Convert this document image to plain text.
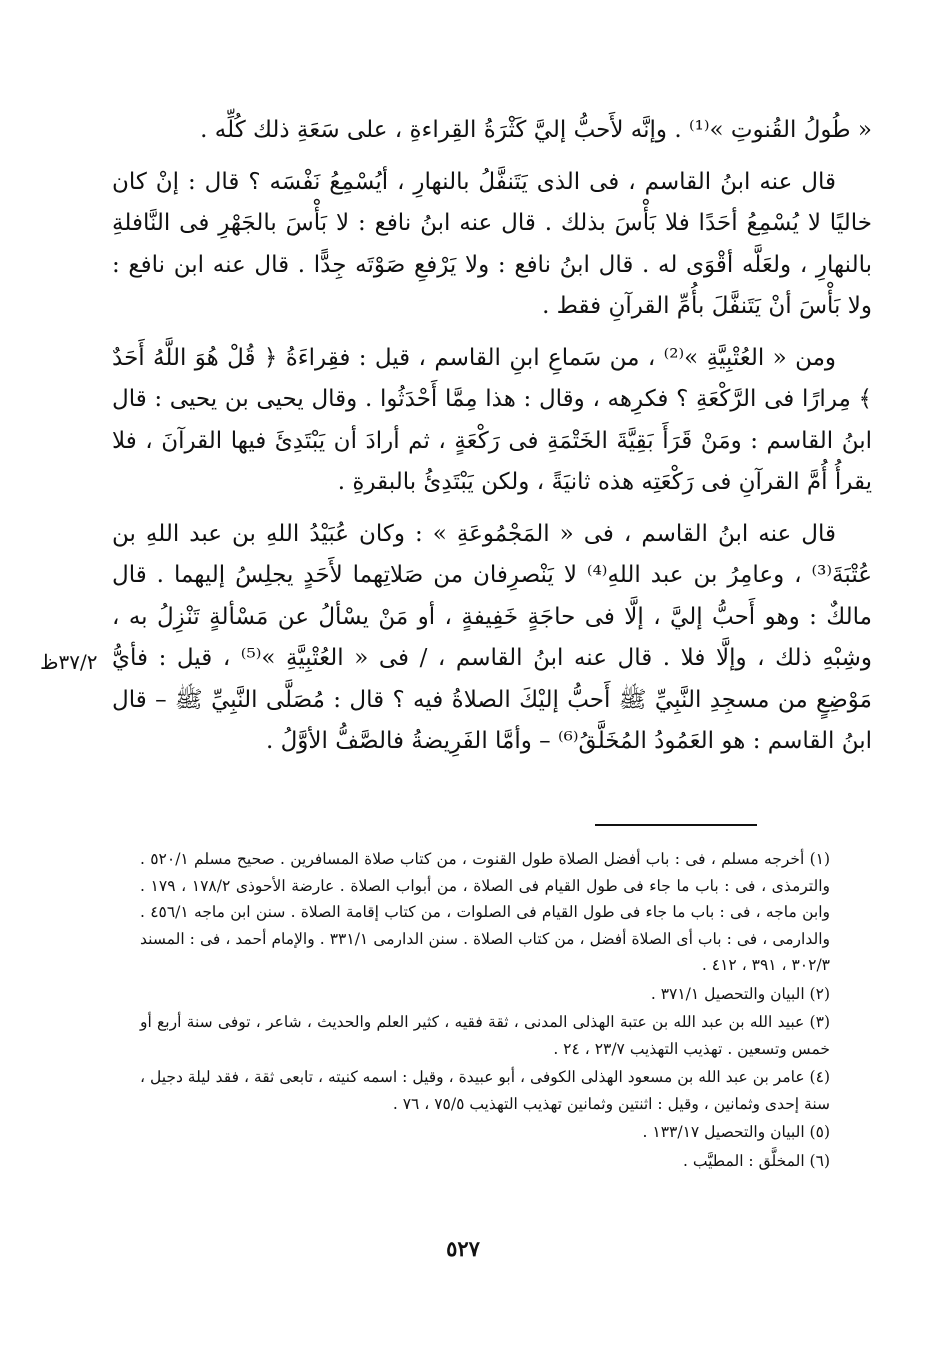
« طُولُ القُنوتِ »⁽¹⁾ . وإنَّه لأَحبُّ إليَّ كَثْرَةُ القِراءةِ ، على سَعَةِ ذلك كُلِّه .

قال عنه ابنُ القاسم ، فى الذى يَتَنفَّلُ بالنهارِ ، أيُسْمِعُ نَفْسَه ؟ قال : إنْ كان خاليًا لا يُسْمِعُ أحَدًا فلا بَأْسَ بذلك . قال عنه ابنُ نافع : لا بَأْسَ بالجَهْرِ فى النَّافلةِ بالنهارِ ، ولعَلَّه أقْوَى له . قال ابنُ نافع : ولا يَرْفعِ صَوْتَه جِدًّا . قال عنه ابن نافع : ولا بَأْسَ أنْ يَتَنفَّلَ بأُمِّ القرآنِ فقط .

ومن « العُتْبِيَّةِ »⁽²⁾ ، من سَماعِ ابنِ القاسم ، قيل : فقِراءَةُ ﴿ قُلْ هُوَ اللَّهُ أَحَدٌ ﴾ مِرارًا فى الرَّكْعَةِ ؟ فكرِهه ، وقال : هذا مِمَّا أَحْدَثُوا . وقال يحيى بن يحيى : قال ابنُ القاسم : ومَنْ قَرَأَ بَقِيَّةَ الخَتْمَةِ فى رَكْعَةٍ ، ثم أرادَ أن يَبْتَدِئَ فيها القرآنَ ، فلا يقرأُ أُمَّ القرآنِ فى رَكْعَتِه هذه ثانيَةً ، ولكن يَبْتَدِئُ بالبقرةِ .

قال عنه ابنُ القاسم ، فى « المَجْمُوعَةِ » : وكان عُبَيْدُ اللهِ بن عبد اللهِ بن عُتْبَةَ⁽³⁾ ، وعامِرُ بن عبد اللهِ⁽⁴⁾ لا يَنْصرِفان من صَلاتِهما لأَحَدٍ يجلِسُ إليهما . قال مالكٌ : وهو أَحبُّ إليَّ ، إلَّا فى حاجَةٍ خَفِيفةٍ ، أو مَنْ يسْألُ عن مَسْألةٍ تَنْزِلُ به ، وشِبْهِ ذلك ، وإلَّا فلا . قال عنه ابنُ القاسم ، / فى « العُتْبِيَّةِ »⁽⁵⁾ ، قيل : فأيُّ مَوْضِعٍ من مسجِدِ النَّبِيِّ ﷺ أَحبُّ إليْكَ الصلاةُ فيه ؟ قال : مُصَلَّى النَّبِيِّ ﷺ – قال ابنُ القاسم : هو العَمُودُ المُخَلَّقُ⁽⁶⁾ – وأمَّا الفَرِيضةُ فالصَّفُّ الأوَّلُ .

٣٧/٢ظ

(١) أخرجه مسلم ، فى : باب أفضل الصلاة طول القنوت ، من كتاب صلاة المسافرين . صحيح مسلم ٥٢٠/١ . والترمذى ، فى : باب ما جاء فى طول القيام فى الصلاة ، من أبواب الصلاة . عارضة الأحوذى ١٧٨/٢ ، ١٧٩ . وابن ماجه ، فى : باب ما جاء فى طول القيام فى الصلوات ، من كتاب إقامة الصلاة . سنن ابن ماجه ٤٥٦/١ . والدارمى ، فى : باب أى الصلاة أفضل ، من كتاب الصلاة . سنن الدارمى ٣٣١/١ . والإمام أحمد ، فى : المسند ٣٠٢/٣ ، ٣٩١ ، ٤١٢ .

(٢) البيان والتحصيل ٣٧١/١ .

(٣) عبيد الله بن عبد الله بن عتبة الهذلى المدنى ، ثقة فقيه ، كثير العلم والحديث ، شاعر ، توفى سنة أربع أو خمس وتسعين . تهذيب التهذيب ٢٣/٧ ، ٢٤ .

(٤) عامر بن عبد الله بن مسعود الهذلى الكوفى ، أبو عبيدة ، وقيل : اسمه كنيته ، تابعى ثقة ، فقد ليلة دجيل ، سنة إحدى وثمانين ، وقيل : اثنتين وثمانين تهذيب التهذيب ٧٥/٥ ، ٧٦ .

(٥) البيان والتحصيل ١٣٣/١٧ .

(٦) المخلَّق : المطيَّب .

٥٢٧
